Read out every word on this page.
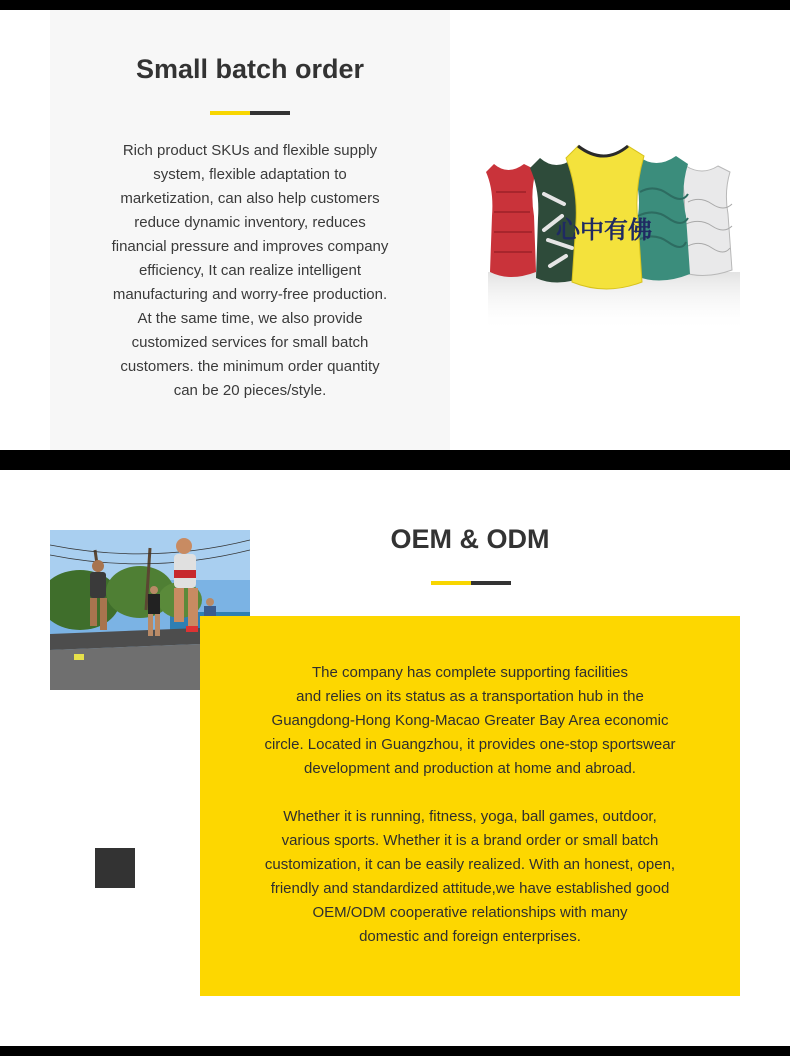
Small batch order
Rich product SKUs and flexible supply
system, flexible adaptation to
marketization, can also help customers
reduce dynamic inventory, reduces
financial pressure and improves company
efficiency, It can realize intelligent
manufacturing and worry-free production.
At the same time, we also provide
customized services for small batch
customers. the minimum order quantity
can be 20 pieces/style.
心中有佛
OEM & ODM
The company has complete supporting facilities
and relies on its status as a transportation hub in the
Guangdong-Hong Kong-Macao Greater Bay Area economic
circle. Located in Guangzhou, it provides one-stop sportswear
development and production at home and abroad.
Whether it is running, fitness, yoga, ball games, outdoor,
various sports. Whether it is a brand order or small batch
customization, it can be easily realized. With an honest, open,
friendly and standardized attitude,we have established good
OEM/ODM cooperative relationships with many
domestic and foreign enterprises.
